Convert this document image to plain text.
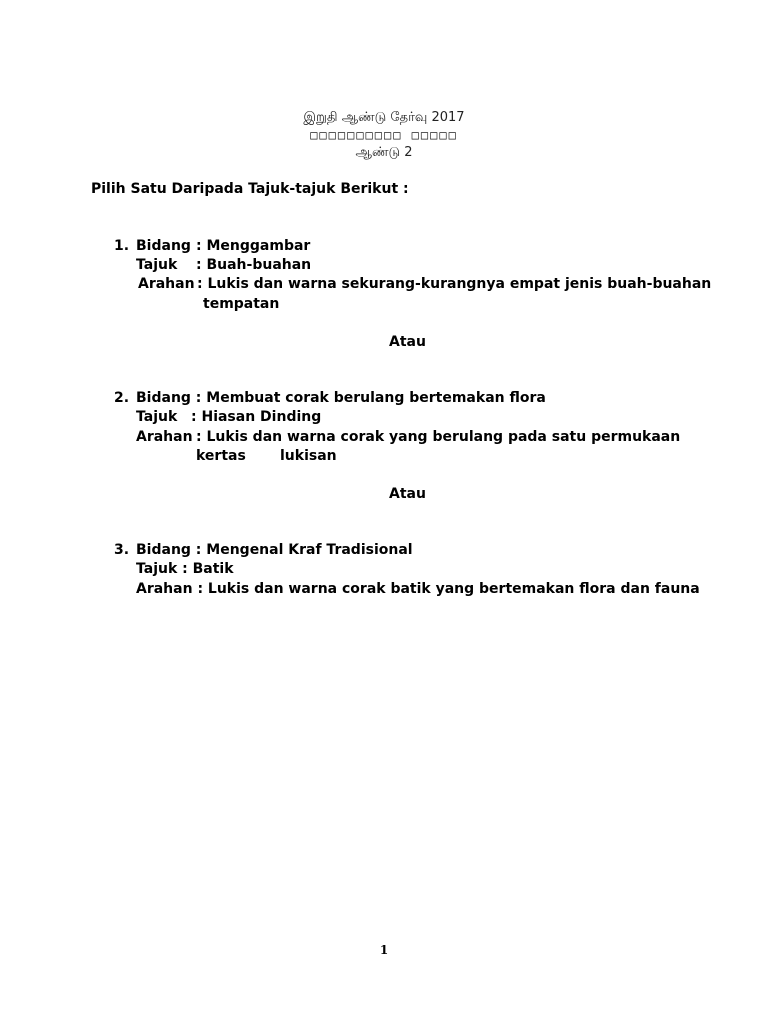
இறுதி ஆண்டு தேர்வு 2017
□□□□□□□□□□ □□□□□
ஆண்டு 2
Pilih Satu Daripada Tajuk-tajuk Berikut :
1. Bidang : Menggambar
Tajuk : Buah-buahan
Arahan : Lukis dan warna sekurang-kurangnya empat jenis buah-buahan
tempatan
Atau
2. Bidang : Membuat corak berulang bertemakan flora
Tajuk : Hiasan Dinding
Arahan : Lukis dan warna corak yang berulang pada satu permukaan
kertas lukisan
Atau
3. Bidang : Mengenal Kraf Tradisional
Tajuk : Batik
Arahan : Lukis dan warna corak batik yang bertemakan flora dan fauna
1
